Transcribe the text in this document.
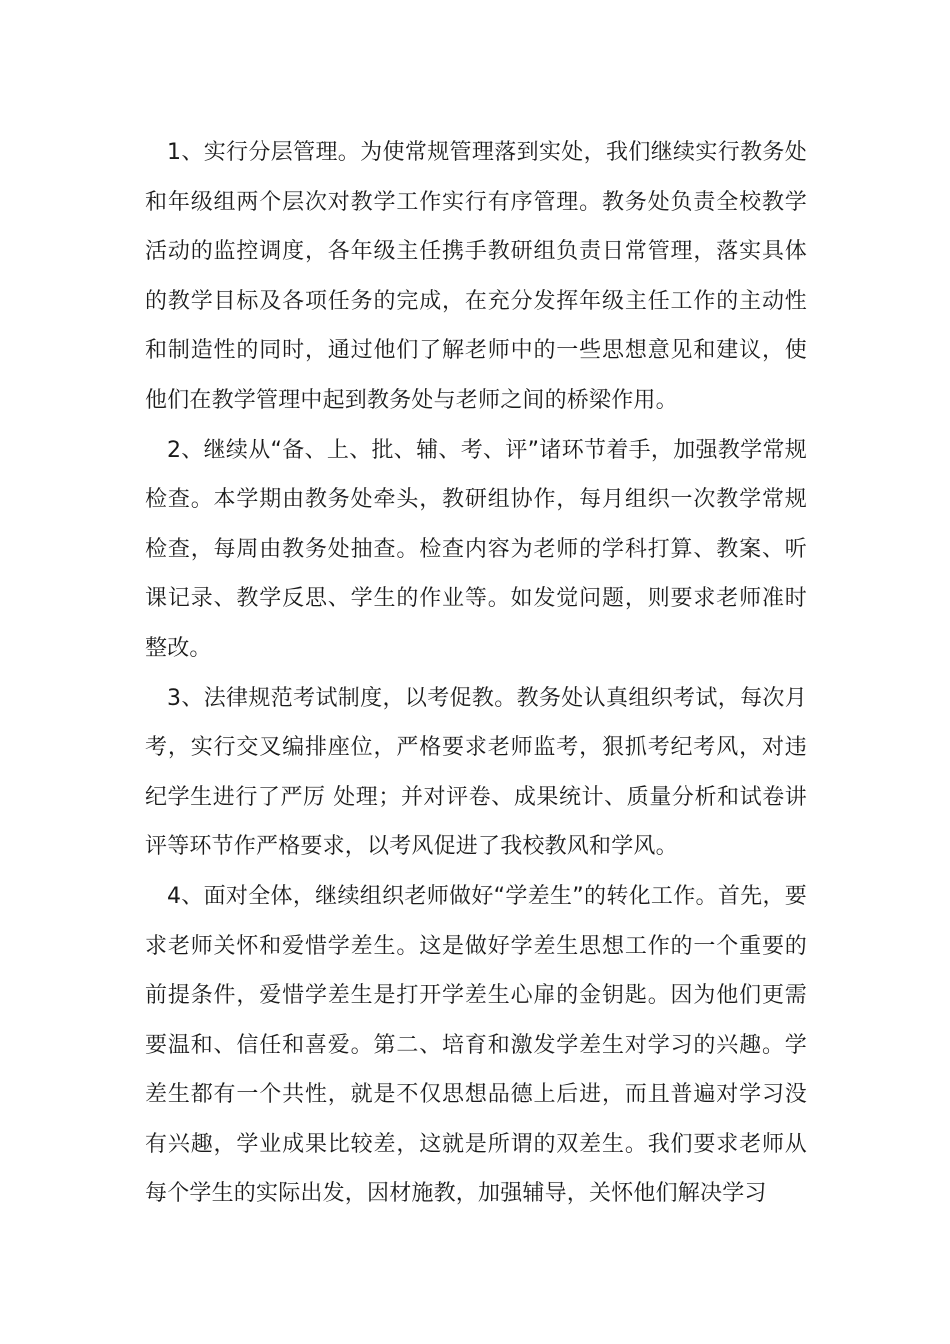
1、实行分层管理。为使常规管理落到实处，我们继续实行教务处和年级组两个层次对教学工作实行有序管理。教务处负责全校教学活动的监控调度，各年级主任携手教研组负责日常管理，落实具体的教学目标及各项任务的完成，在充分发挥年级主任工作的主动性和制造性的同时，通过他们了解老师中的一些思想意见和建议，使他们在教学管理中起到教务处与老师之间的桥梁作用。

2、继续从“备、上、批、辅、考、评”诸环节着手，加强教学常规检查。本学期由教务处牵头，教研组协作，每月组织一次教学常规检查，每周由教务处抽查。检查内容为老师的学科打算、教案、听课记录、教学反思、学生的作业等。如发觉问题，则要求老师准时整改。

3、法律规范考试制度，以考促教。教务处认真组织考试，每次月考，实行交叉编排座位，严格要求老师监考，狠抓考纪考风，对违纪学生进行了严厉 处理；并对评卷、成果统计、质量分析和试卷讲评等环节作严格要求，以考风促进了我校教风和学风。

4、面对全体，继续组织老师做好“学差生”的转化工作。首先，要求老师关怀和爱惜学差生。这是做好学差生思想工作的一个重要的前提条件，爱惜学差生是打开学差生心扉的金钥匙。因为他们更需要温和、信任和喜爱。第二、培育和激发学差生对学习的兴趣。学差生都有一个共性，就是不仅思想品德上后进，而且普遍对学习没有兴趣，学业成果比较差，这就是所谓的双差生。我们要求老师从每个学生的实际出发，因材施教，加强辅导，关怀他们解决学习
